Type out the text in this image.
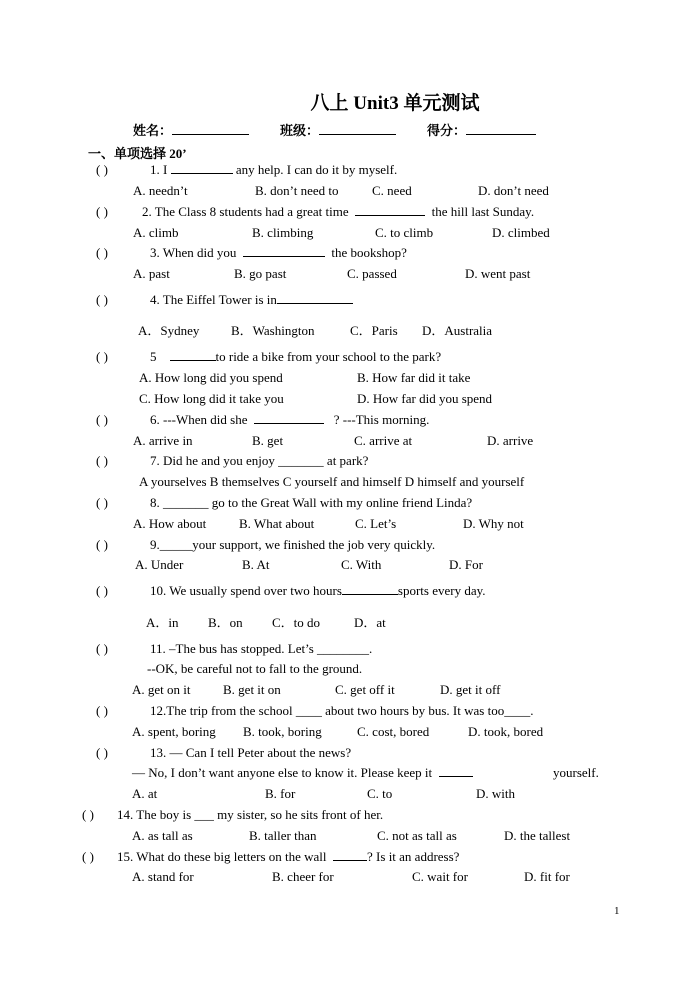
八上 Unit3 单元测试
姓名：	班级：	得分：
一、单项选择 20’
( )	1. I	any help. I can do it by myself.
A. needn’t	B. don’t need to	C. need	D. don’t need
( )	2. The Class 8 students had a great time	the hill last Sunday.
A. climb	B. climbing	C. to climb	D. climbed
( )	3. When did you	the bookshop?
A. past	B. go past	C. passed	D. went past
( )	4. The Eiffel Tower is in
A．Sydney B．Washington	C．Paris D．Australia
( )	5	to ride a bike from your school to the park?
A. How long did you spend	B. How far did it take
C. How long did it take you	D. How far did you spend
( )	6. ---When did she	? ---This morning.
A. arrive in	B. get	C. arrive at	D. arrive
( )	7. Did he and you enjoy _______ at park?
A yourselves B themselves C yourself and himself D himself and yourself
( )	8. _______ go to the Great Wall with my online friend Linda?
A. How about	B. What about	C. Let’s	D. Why not
( )	9._____your support, we finished the job very quickly.
A. Under	B. At	C. With	D. For
( )	10. We usually spend over two hours	sports every day.
A．in B．on C．to do	D．at
( )	11. –The bus has stopped. Let’s ________.
--OK, be careful not to fall to the ground.
A. get on it	B. get it on	C. get off it	D. get it off
( )	12.The trip from the school ____ about two hours by bus. It was too____.
A. spent, boring B. took, boring	C. cost, bored	D. took, bored
( )	13. — Can I tell Peter about the news?
— No, I don’t want anyone else to know it. Please keep it	yourself.
A. at	B. for	C. to	D. with
( ) 14. The boy is ___ my sister, so he sits front of her.
A. as tall as	B. taller than	C. not as tall as	D. the tallest
( ) 15. What do these big letters on the wall	? Is it an address?
A. stand for	B. cheer for	C. wait for	D. fit for
1
